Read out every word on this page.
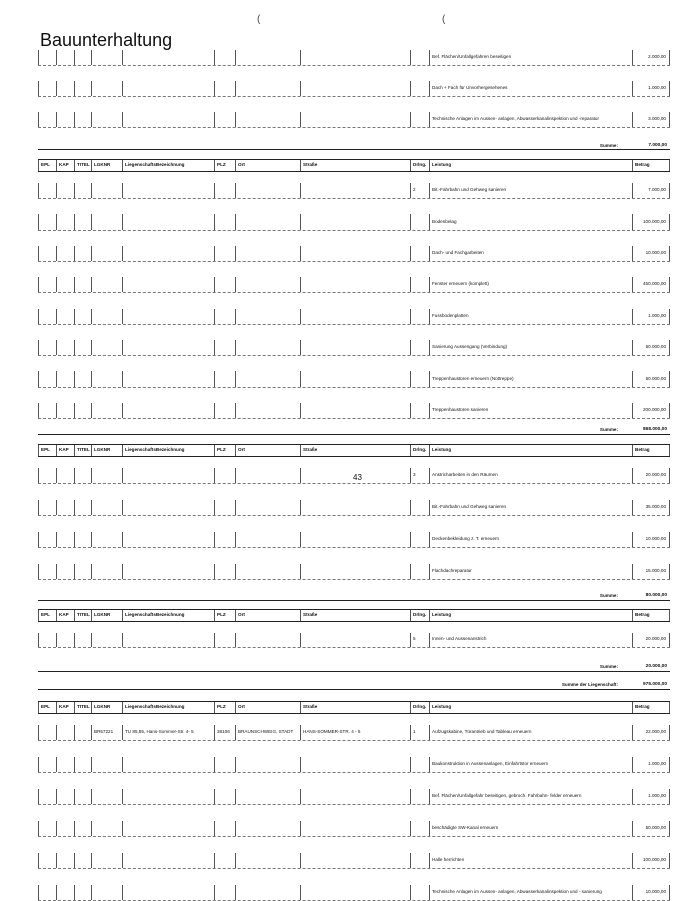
Bauunterhaltung
(	(
Bef. Flächen/Unfallgefahren beseitigen	2.000,00
Dach + Fach für Unvorhergesehenes	1.000,00
Technische Anlagen im Aussen- anlagen, Abwasserkanalinspektion und -reparatur	3.000,00
Summe:	7.000,00
EPL	KAP	TITEL LGKNR	LiegenschaftsBezeichnung	PLZ	Ort	Straße	Drlng.	Leistung	Betrag
2	Bit.-Fahrbahn und Gehweg sanieren	7.000,00
Bodenbelag	100.000,00
Dach- und Fachgarbeiten	10.000,00
Fenster erneuern (komplett)	450.000,00
Fussbodenplatten	1.000,00
Sanierung Aussengang (Verbindung)	50.000,00
Treppenhaustüren erneuern (Nottreppe)	50.000,00
Treppenhaustüren sanieren	200.000,00
Summe:	868.000,00
EPL	KAP	TITEL LGKNR	LiegenschaftsBezeichnung	PLZ	Ort	Straße	Drlng.	Leistung	Betrag
3	Anstricharbeiten in den Räumen	20.000,00
Bit.-Fahrbahn und Gehweg sanieren	35.000,00
Deckenbekleidung z. T. erneuern	10.000,00
Flachdachreparatur	15.000,00
Summe:	80.000,00
EPL	KAP	TITEL LGKNR	LiegenschaftsBezeichnung	PLZ	Ort	Straße	Drlng.	Leistung	Betrag
5	Innen- und Aussenanstrich	20.000,00
Summe:	20.000,00
Summe der Liegenschaft:	975.000,00
EPL	KAP	TITEL LGKNR	LiegenschaftsBezeichnung	PLZ	Ort	Straße	Drlng.	Leistung	Betrag
BR57221	TU 85,85, Hans-Sommer-Str. 4- 5	38106	BRAUNSCHWEIG, STADT	HANS-SOMMER-STR. 4 - 5	1	Aufzugskabine, Türantrieb und Tableau erneuern	22.000,00
Baukonstruktion in Aussenanlagen, Einfahrtstor erneuern	1.000,00
Bef. Flächen/Unfallgefahr beseitigen, gebroch. Fahrbahn- felder erneuern	1.000,00
beschädigte SW-Kanal erneuern	50.000,00
Halle herrichten	100.000,00
Technische Anlagen im Aussen- anlagen, Abwasserkanalinspektion und - sanierung	10.000,00
43
